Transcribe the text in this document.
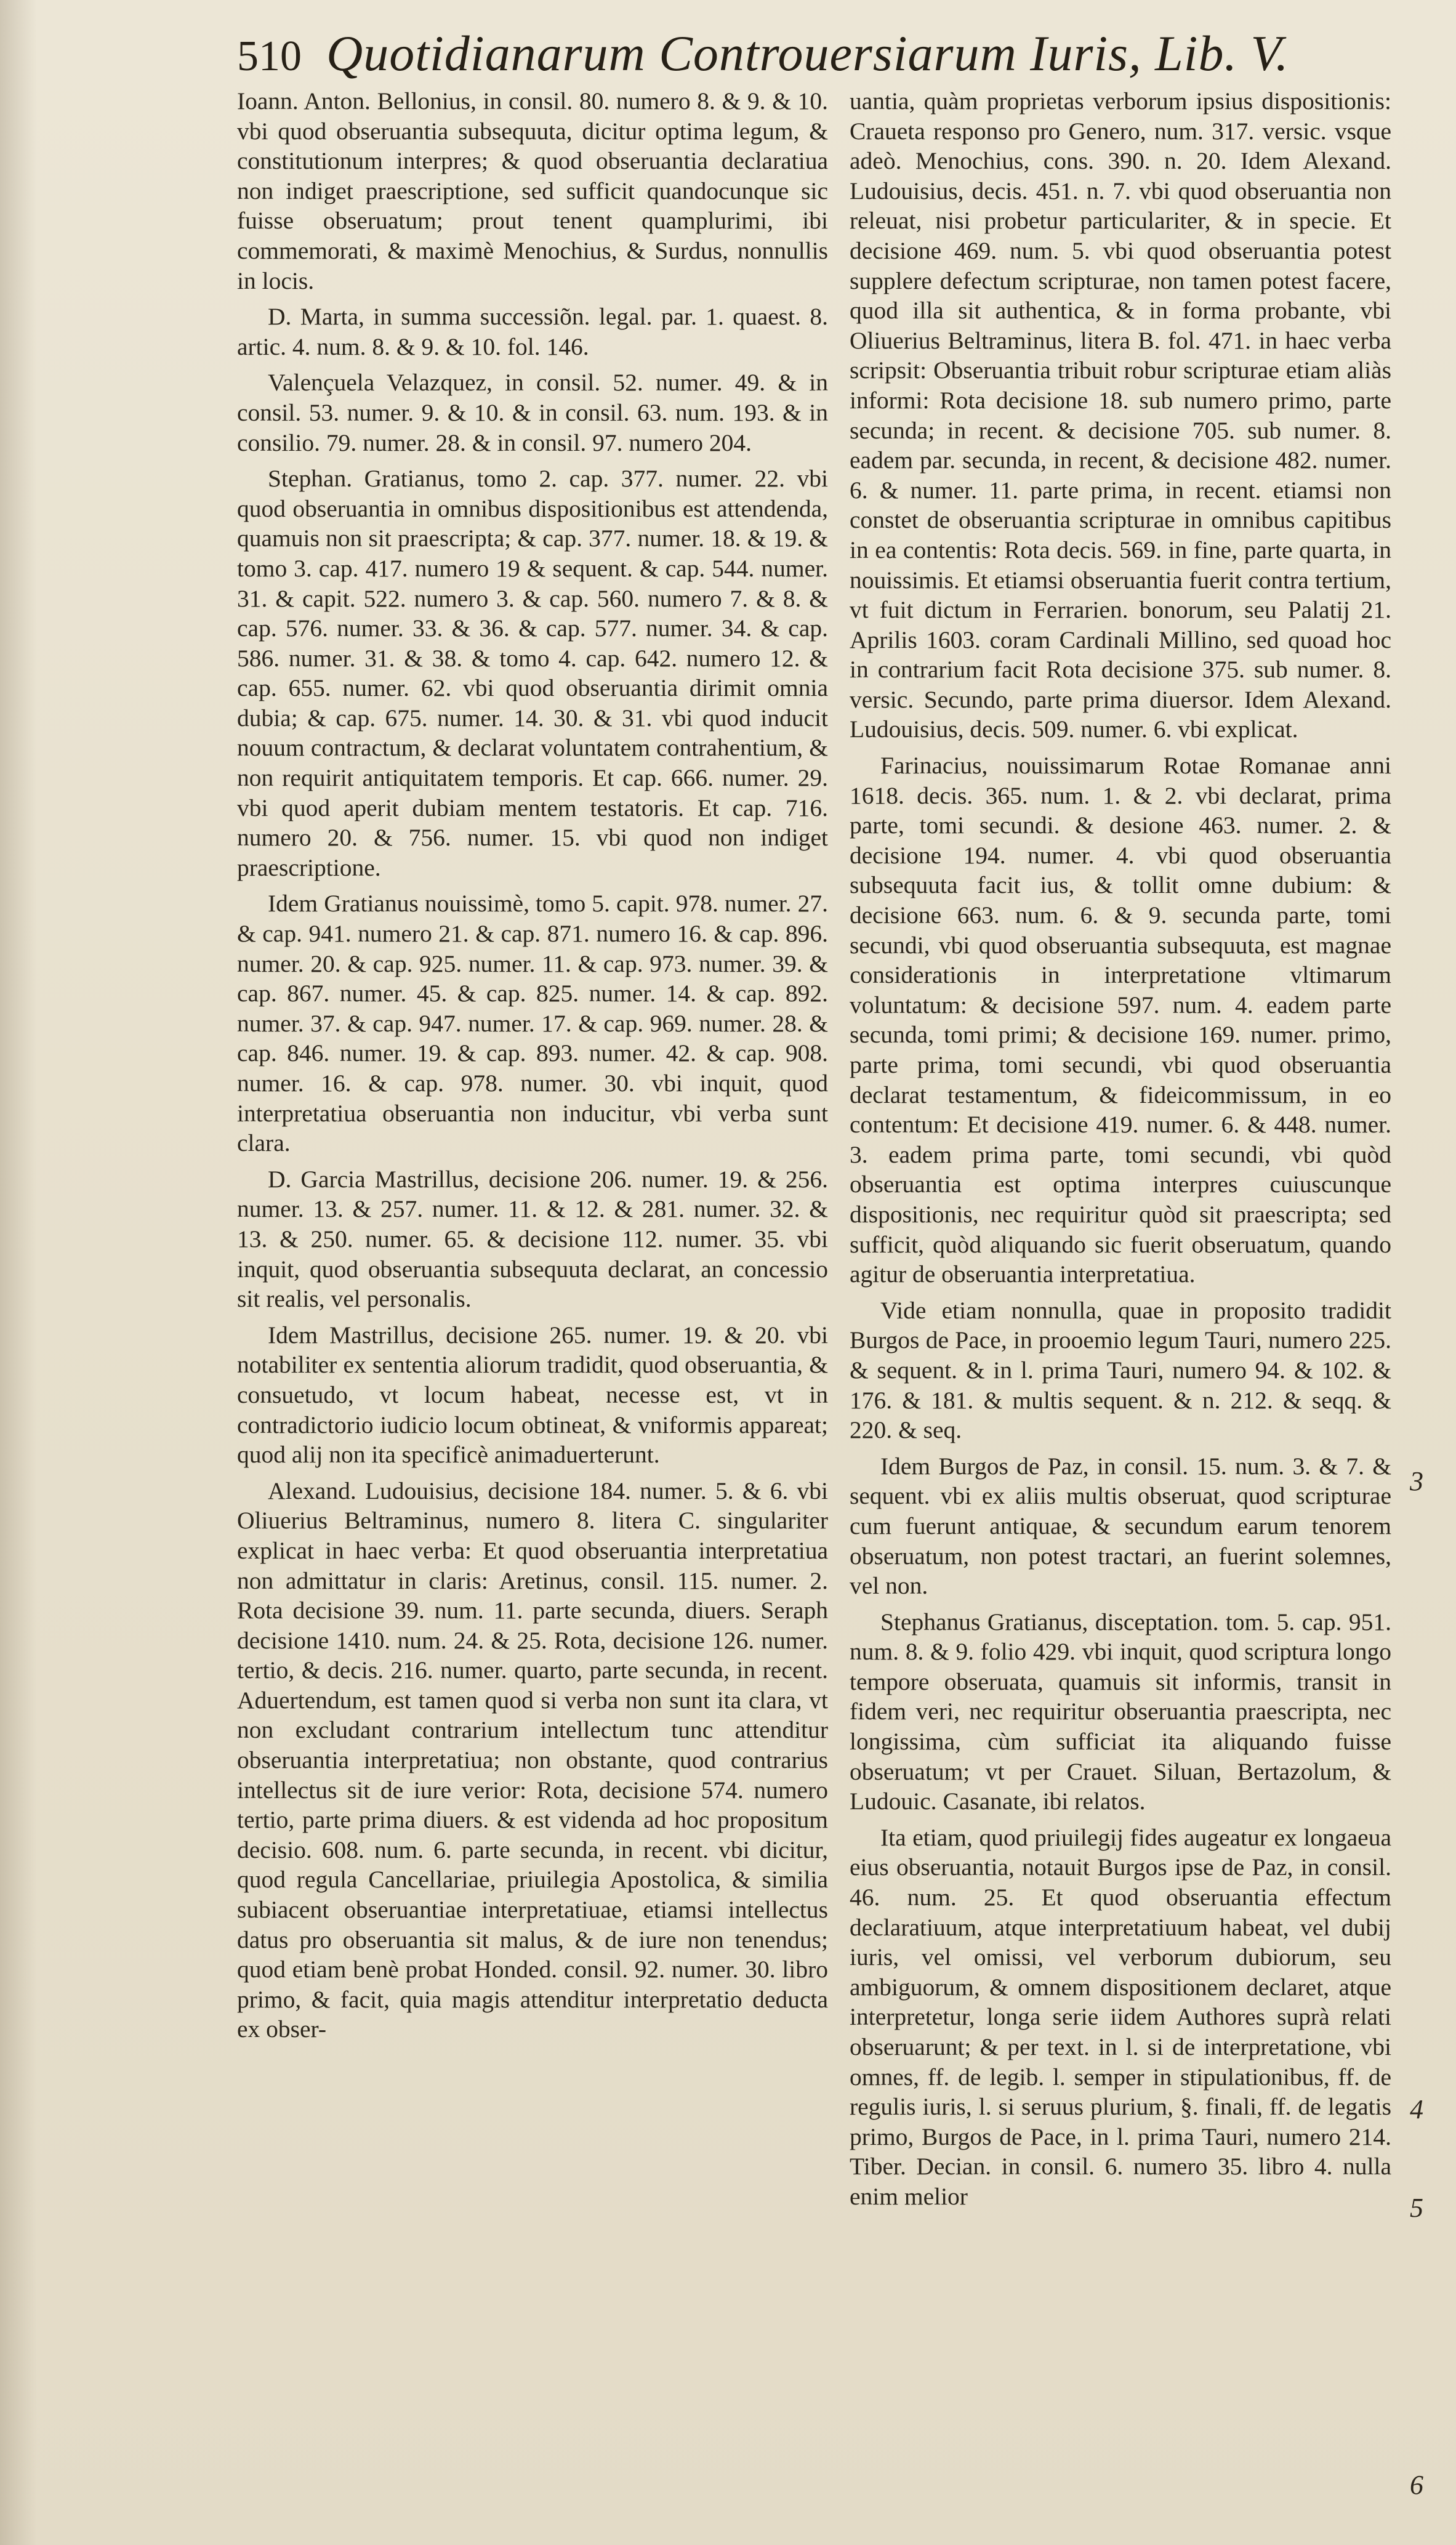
510 Quotidianarum Controuersiarum Iuris, Lib. V.

Ioann. Anton. Bellonius, in consil. 80. numero 8. & 9. & 10. vbi quod obseruantia subsequuta, dicitur optima legum, & constitutionum interpres; & quod obseruantia declaratiua non indiget praescriptione, sed sufficit quandocunque sic fuisse obseruatum; prout tenent quamplurimi, ibi commemorati, & maximè Menochius, & Surdus, nonnullis in locis.

D. Marta, in summa successiõn. legal. par. 1. quaest. 8. artic. 4. num. 8. & 9. & 10. fol. 146.

Valençuela Velazquez, in consil. 52. numer. 49. & in consil. 53. numer. 9. & 10. & in consil. 63. num. 193. & in consilio. 79. numer. 28. & in consil. 97. numero 204.

Stephan. Gratianus, tomo 2. cap. 377. numer. 22. vbi quod obseruantia in omnibus dispositionibus est attendenda, quamuis non sit praescripta; & cap. 377. numer. 18. & 19. & tomo 3. cap. 417. numero 19 & sequent. & cap. 544. numer. 31. & capit. 522. numero 3. & cap. 560. numero 7. & 8. & cap. 576. numer. 33. & 36. & cap. 577. numer. 34. & cap. 586. numer. 31. & 38. & tomo 4. cap. 642. numero 12. & cap. 655. numer. 62. vbi quod obseruantia dirimit omnia dubia; & cap. 675. numer. 14. 30. & 31. vbi quod inducit nouum contractum, & declarat voluntatem contrahentium, & non requirit antiquitatem temporis. Et cap. 666. numer. 29. vbi quod aperit dubiam mentem testatoris. Et cap. 716. numero 20. & 756. numer. 15. vbi quod non indiget praescriptione.

Idem Gratianus nouissimè, tomo 5. capit. 978. numer. 27. & cap. 941. numero 21. & cap. 871. numero 16. & cap. 896. numer. 20. & cap. 925. numer. 11. & cap. 973. numer. 39. & cap. 867. numer. 45. & cap. 825. numer. 14. & cap. 892. numer. 37. & cap. 947. numer. 17. & cap. 969. numer. 28. & cap. 846. numer. 19. & cap. 893. numer. 42. & cap. 908. numer. 16. & cap. 978. numer. 30. vbi inquit, quod interpretatiua obseruantia non inducitur, vbi verba sunt clara.

D. Garcia Mastrillus, decisione 206. numer. 19. & 256. numer. 13. & 257. numer. 11. & 12. & 281. numer. 32. & 13. & 250. numer. 65. & decisione 112. numer. 35. vbi inquit, quod obseruantia subsequuta declarat, an concessio sit realis, vel personalis.

Idem Mastrillus, decisione 265. numer. 19. & 20. vbi notabiliter ex sententia aliorum tradidit, quod obseruantia, & consuetudo, vt locum habeat, necesse est, vt in contradictorio iudicio locum obtineat, & vniformis appareat; quod alij non ita specificè animaduerterunt.

Alexand. Ludouisius, decisione 184. numer. 5. & 6. vbi Oliuerius Beltraminus, numero 8. litera C. singulariter explicat in haec verba: Et quod obseruantia interpretatiua non admittatur in claris: Aretinus, consil. 115. numer. 2. Rota decisione 39. num. 11. parte secunda, diuers. Seraph decisione 1410. num. 24. & 25. Rota, decisione 126. numer. tertio, & decis. 216. numer. quarto, parte secunda, in recent. Aduertendum, est tamen quod si verba non sunt ita clara, vt non excludant contrarium intellectum tunc attenditur obseruantia interpretatiua; non obstante, quod contrarius intellectus sit de iure verior: Rota, decisione 574. numero tertio, parte prima diuers. & est videnda ad hoc propositum decisio. 608. num. 6. parte secunda, in recent. vbi dicitur, quod regula Cancellariae, priuilegia Apostolica, & similia subiacent obseruantiae interpretatiuae, etiamsi intellectus datus pro obseruantia sit malus, & de iure non tenendus; quod etiam benè probat Honded. consil. 92. numer. 30. libro primo, & facit, quia magis attenditur interpretatio deducta ex obser-

uantia, quàm proprietas verborum ipsius dispositionis: Craueta responso pro Genero, num. 317. versic. vsque adeò. Menochius, cons. 390. n. 20. Idem Alexand. Ludouisius, decis. 451. n. 7. vbi quod obseruantia non releuat, nisi probetur particulariter, & in specie. Et decisione 469. num. 5. vbi quod obseruantia potest supplere defectum scripturae, non tamen potest facere, quod illa sit authentica, & in forma probante, vbi Oliuerius Beltraminus, litera B. fol. 471. in haec verba scripsit: Obseruantia tribuit robur scripturae etiam aliàs informi: Rota decisione 18. sub numero primo, parte secunda; in recent. & decisione 705. sub numer. 8. eadem par. secunda, in recent, & decisione 482. numer. 6. & numer. 11. parte prima, in recent. etiamsi non constet de obseruantia scripturae in omnibus capitibus in ea contentis: Rota decis. 569. in fine, parte quarta, in nouissimis. Et etiamsi obseruantia fuerit contra tertium, vt fuit dictum in Ferrarien. bonorum, seu Palatij 21. Aprilis 1603. coram Cardinali Millino, sed quoad hoc in contrarium facit Rota decisione 375. sub numer. 8. versic. Secundo, parte prima diuersor. Idem Alexand. Ludouisius, decis. 509. numer. 6. vbi explicat.

Farinacius, nouissimarum Rotae Romanae anni 1618. decis. 365. num. 1. & 2. vbi declarat, prima parte, tomi secundi. & desione 463. numer. 2. & decisione 194. numer. 4. vbi quod obseruantia subsequuta facit ius, & tollit omne dubium: & decisione 663. num. 6. & 9. secunda parte, tomi secundi, vbi quod obseruantia subsequuta, est magnae considerationis in interpretatione vltimarum voluntatum: & decisione 597. num. 4. eadem parte secunda, tomi primi; & decisione 169. numer. primo, parte prima, tomi secundi, vbi quod obseruantia declarat testamentum, & fideicommissum, in eo contentum: Et decisione 419. numer. 6. & 448. numer. 3. eadem prima parte, tomi secundi, vbi quòd obseruantia est optima interpres cuiuscunque dispositionis, nec requiritur quòd sit praescripta; sed sufficit, quòd aliquando sic fuerit obseruatum, quando agitur de obseruantia interpretatiua.

Vide etiam nonnulla, quae in proposito tradidit Burgos de Pace, in prooemio legum Tauri, numero 225. & sequent. & in l. prima Tauri, numero 94. & 102. & 176. & 181. & multis sequent. & n. 212. & seqq. & 220. & seq.

Idem Burgos de Paz, in consil. 15. num. 3. & 7. & sequent. vbi ex aliis multis obseruat, quod scripturae cum fuerunt antiquae, & secundum earum tenorem obseruatum, non potest tractari, an fuerint solemnes, vel non.

Stephanus Gratianus, disceptation. tom. 5. cap. 951. num. 8. & 9. folio 429. vbi inquit, quod scriptura longo tempore obseruata, quamuis sit informis, transit in fidem veri, nec requiritur obseruantia praescripta, nec longissima, cùm sufficiat ita aliquando fuisse obseruatum; vt per Crauet. Siluan, Bertazolum, & Ludouic. Casanate, ibi relatos.

Ita etiam, quod priuilegij fides augeatur ex longaeua eius obseruantia, notauit Burgos ipse de Paz, in consil. 46. num. 25. Et quod obseruantia effectum declaratiuum, atque interpretatiuum habeat, vel dubij iuris, vel omissi, vel verborum dubiorum, seu ambiguorum, & omnem dispositionem declaret, atque interpretetur, longa serie iidem Authores suprà relati obseruarunt; & per text. in l. si de interpretatione, vbi omnes, ff. de legib. l. semper in stipulationibus, ff. de regulis iuris, l. si seruus plurium, §. finali, ff. de legatis primo, Burgos de Pace, in l. prima Tauri, numero 214. Tiber. Decian. in consil. 6. numero 35. libro 4. nulla enim melior

3
4
5
6
